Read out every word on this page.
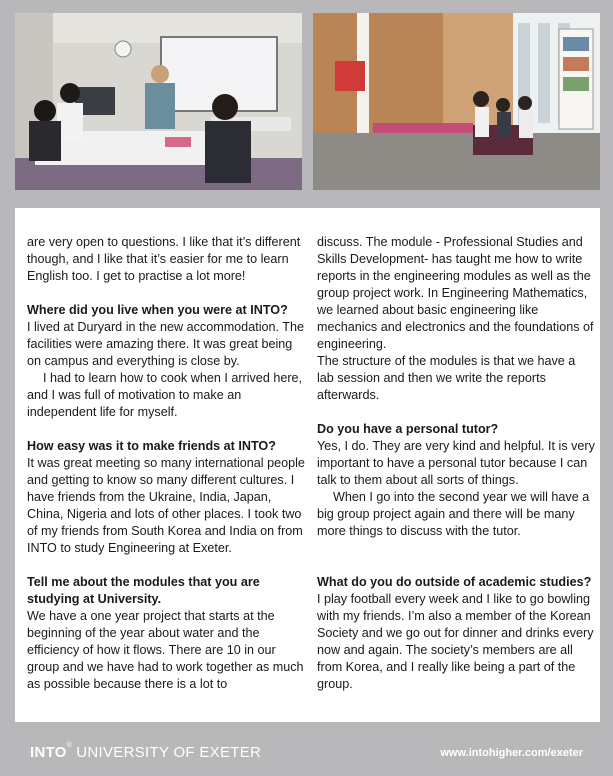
are very open to questions. I like that it’s different though, and I like that it’s easier for me to learn English too. I get to practise a lot more!

Where did you live when you were at INTO?

I lived at Duryard in the new accommodation. The facilities were amazing there. It was great being on campus and everything is close by.

I had to learn how to cook when I arrived here, and I was full of motivation to make an independent life for myself.

How easy was it to make friends at INTO?

It was great meeting so many international people and getting to know so many different cultures. I have friends from the Ukraine, India, Japan, China, Nigeria and lots of other places. I took two of my friends from South Korea and India on from INTO to study Engineering at Exeter.

Tell me about the modules that you are studying at University.

We have a one year project that starts at the beginning of the year about water and the efficiency of how it flows. There are 10 in our group and we have had to work together as much as possible because there is a lot to

discuss. The module - Professional Studies and Skills Development- has taught me how to write reports in the engineering modules as well as the group project work. In Engineering Mathematics, we learned about basic engineering like mechanics and electronics and the foundations of engineering.

The structure of the modules is that we have a lab session and then we write the reports afterwards.

Do you have a personal tutor?

Yes, I do. They are very kind and helpful. It is very important to have a personal tutor because I can talk to them about all sorts of things.

When I go into the second year we will have a big group project again and there will be many more things to discuss with the tutor.

What do you do outside of academic studies?

I play football every week and I like to go bowling with my friends. I’m also a member of the Korean Society and we go out for dinner and drinks every now and again. The society’s members are all from Korea, and I really like being a part of the group.

INTO® UNIVERSITY OF EXETER	www.intohigher.com/exeter
